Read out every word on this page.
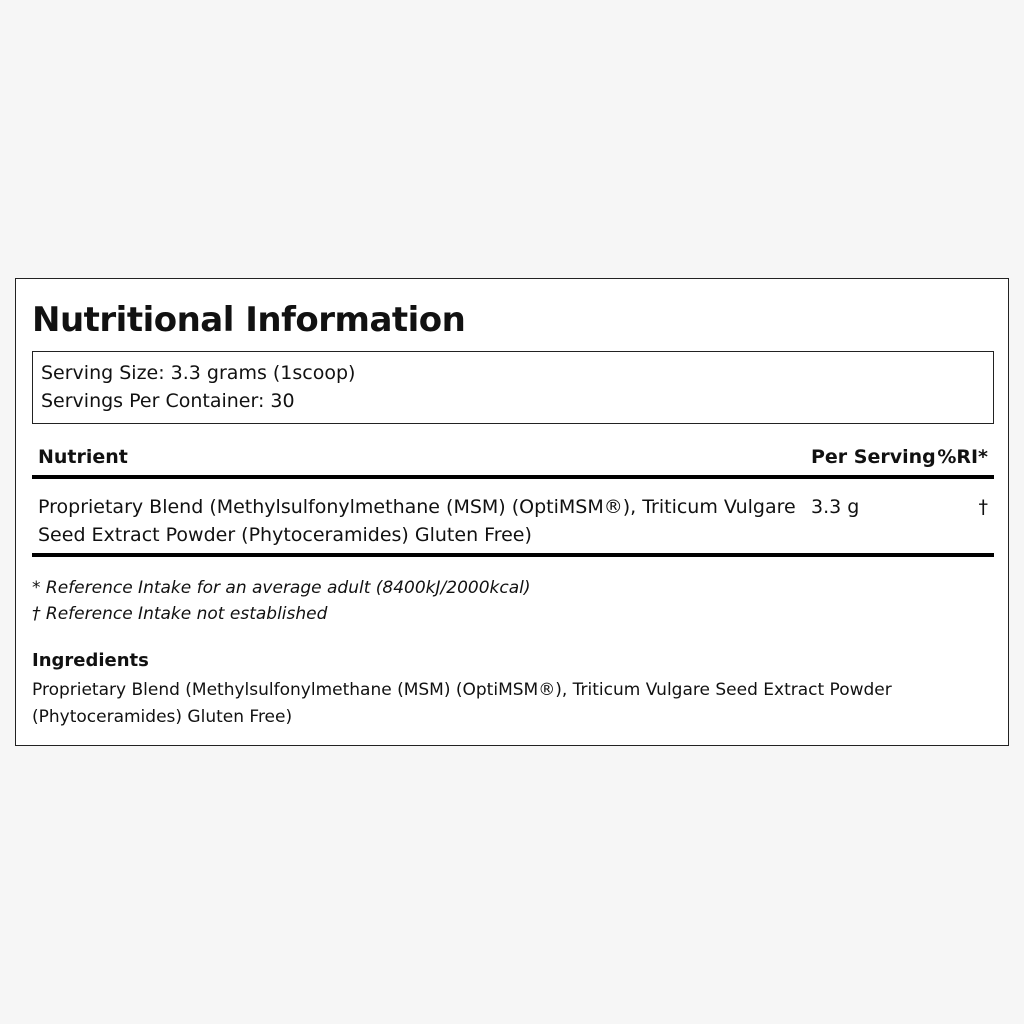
Nutritional Information
Serving Size: 3.3 grams (1scoop)
Servings Per Container: 30
Nutrient	Per Serving %RI*
Proprietary Blend (Methylsulfonylmethane (MSM) (OptiMSM®), Triticum Vulgare Seed Extract Powder (Phytoceramides) Gluten Free)
3.3 g	†
* Reference Intake for an average adult (8400kJ/2000kcal)
† Reference Intake not established
Ingredients
Proprietary Blend (Methylsulfonylmethane (MSM) (OptiMSM®), Triticum Vulgare Seed Extract Powder (Phytoceramides) Gluten Free)
